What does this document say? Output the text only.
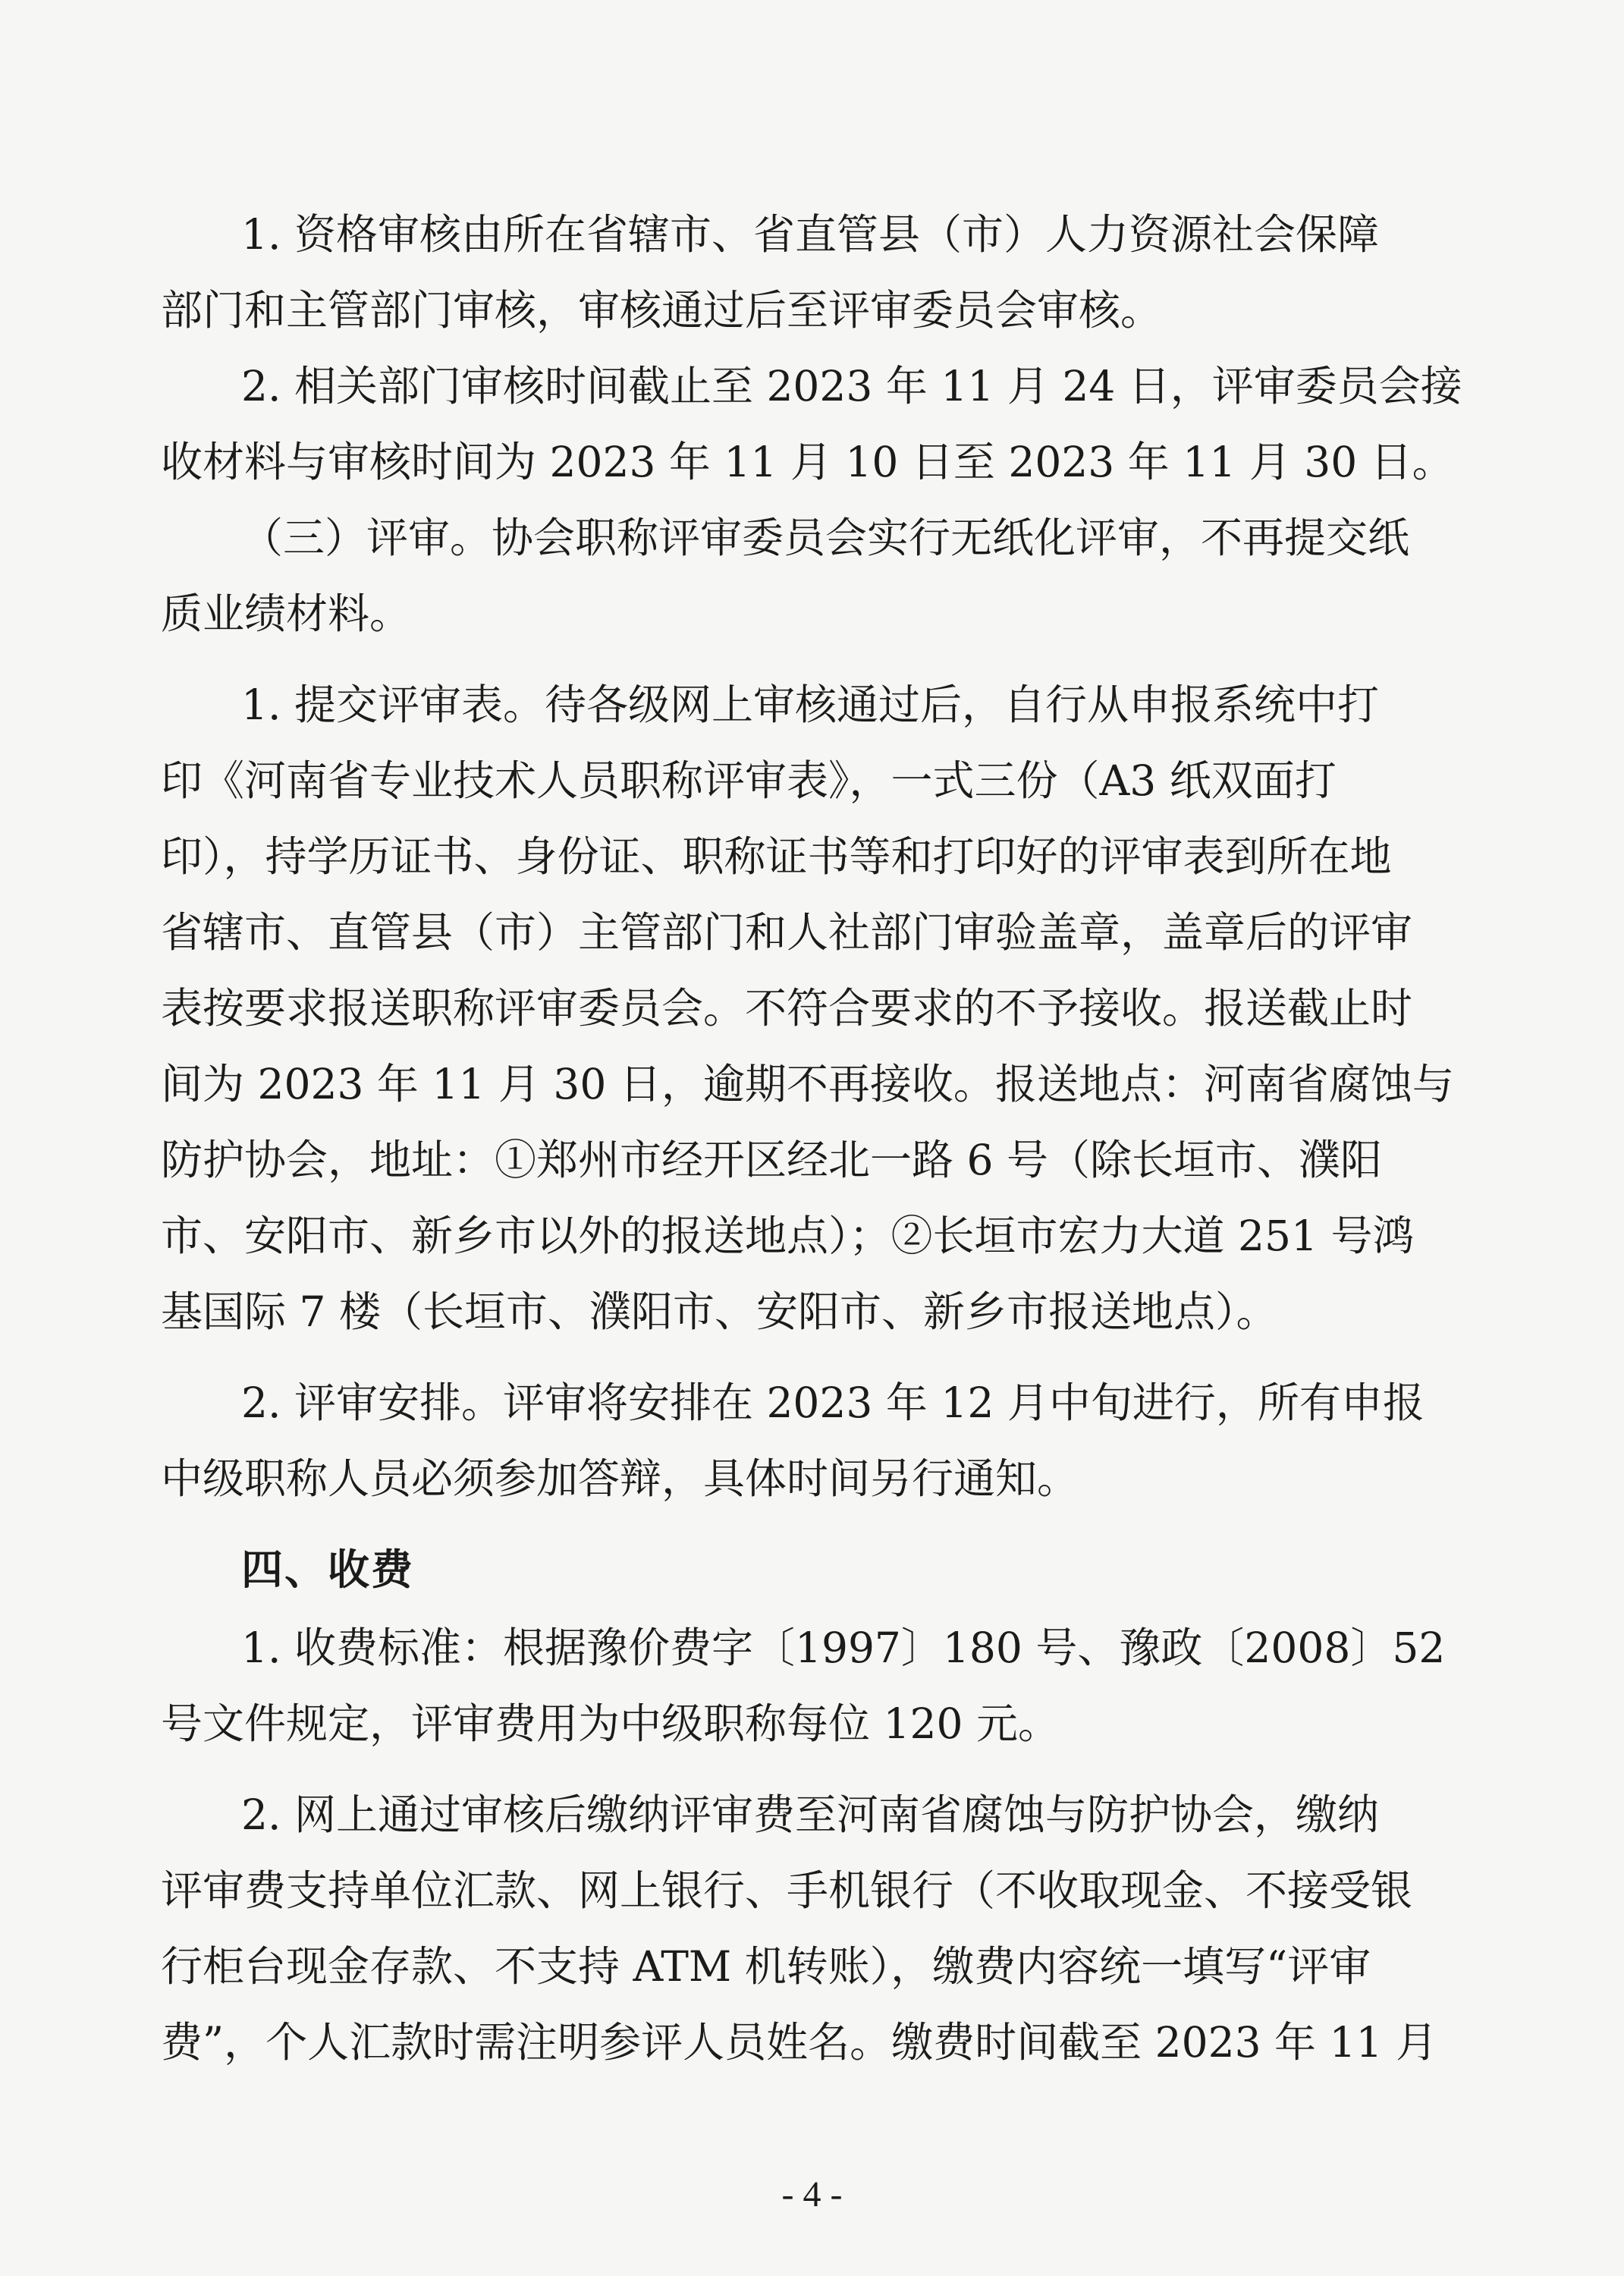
1. 资格审核由所在省辖市、省直管县（市）人力资源社会保障
部门和主管部门审核，审核通过后至评审委员会审核。
2. 相关部门审核时间截止至 2023 年 11 月 24 日，评审委员会接
收材料与审核时间为 2023 年 11 月 10 日至 2023 年 11 月 30 日。
（三）评审。协会职称评审委员会实行无纸化评审，不再提交纸
质业绩材料。
1. 提交评审表。待各级网上审核通过后，自行从申报系统中打
印《河南省专业技术人员职称评审表》，一式三份（A3 纸双面打
印），持学历证书、身份证、职称证书等和打印好的评审表到所在地
省辖市、直管县（市）主管部门和人社部门审验盖章，盖章后的评审
表按要求报送职称评审委员会。不符合要求的不予接收。报送截止时
间为 2023 年 11 月 30 日，逾期不再接收。报送地点：河南省腐蚀与
防护协会，地址：①郑州市经开区经北一路 6 号（除长垣市、濮阳
市、安阳市、新乡市以外的报送地点）；②长垣市宏力大道 251 号鸿
基国际 7 楼（长垣市、濮阳市、安阳市、新乡市报送地点）。
2. 评审安排。评审将安排在 2023 年 12 月中旬进行，所有申报
中级职称人员必须参加答辩，具体时间另行通知。
四、收费
1. 收费标准：根据豫价费字〔1997〕180 号、豫政〔2008〕52
号文件规定，评审费用为中级职称每位 120 元。
2. 网上通过审核后缴纳评审费至河南省腐蚀与防护协会，缴纳
评审费支持单位汇款、网上银行、手机银行（不收取现金、不接受银
行柜台现金存款、不支持 ATM 机转账），缴费内容统一填写“评审
费”，个人汇款时需注明参评人员姓名。缴费时间截至 2023 年 11 月
- 4 -
